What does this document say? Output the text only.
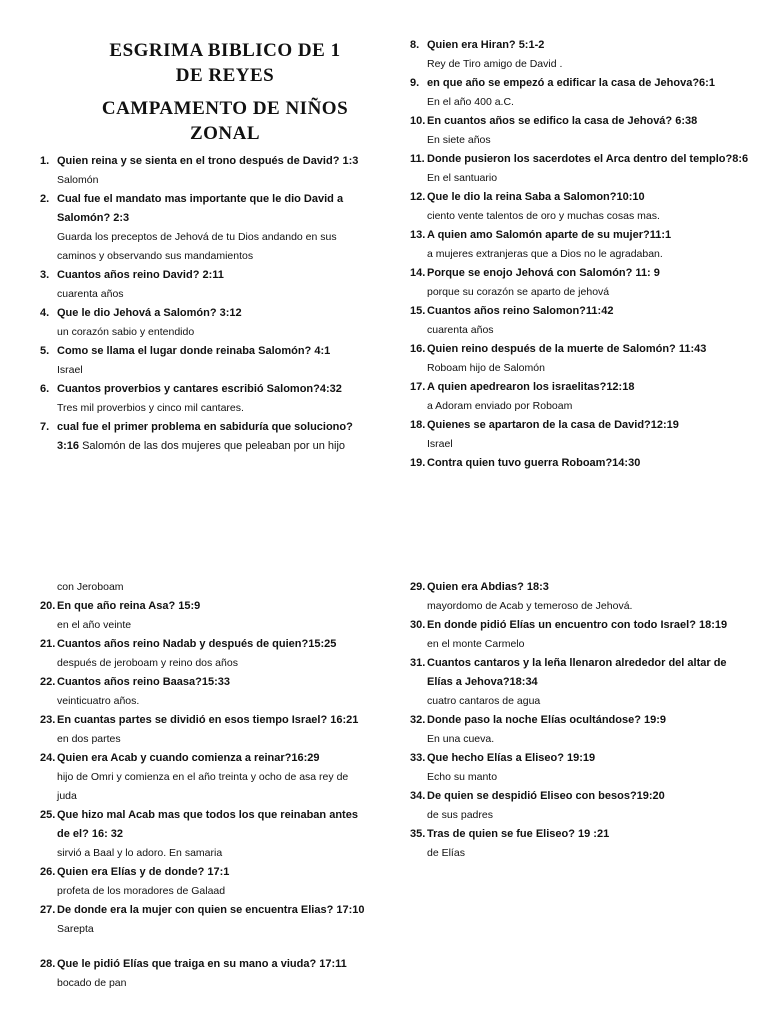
ESGRIMA BIBLICO DE 1
DE REYES
CAMPAMENTO DE NIÑOS
ZONAL
1. Quien reina y se sienta en el trono después de David? 1:3
Salomón
2. Cual fue el mandato mas importante que le dio David a Salomón? 2:3
Guarda los preceptos de Jehová de tu Dios andando en sus caminos y observando sus mandamientos
3. Cuantos años reino David? 2:11
cuarenta años
4. Que le dio Jehová a Salomón? 3:12
un corazón sabio y entendido
5. Como se llama el lugar donde reinaba Salomón? 4:1
Israel
6. Cuantos proverbios y cantares escribió Salomon?4:32
Tres mil proverbios y cinco mil cantares.
7. cual fue el primer problema en sabiduría que soluciono? 3:16 Salomón de las dos mujeres que peleaban por un hijo
8. Quien era Hiran? 5:1-2
Rey de Tiro amigo de David .
9. en que año se empezó a edificar la casa de Jehova?6:1
En el año 400 a.C.
10. En cuantos años se edifico la casa de Jehová? 6:38
En siete años
11. Donde pusieron los sacerdotes el Arca dentro del templo?8:6
En el santuario
12. Que le dio la reina Saba a Salomon?10:10
ciento vente talentos de oro y muchas cosas mas.
13. A quien amo Salomón aparte de su mujer?11:1
a mujeres extranjeras que a Dios no le agradaban.
14. Porque se enojo Jehová con Salomón? 11: 9
porque su corazón se aparto de jehová
15. Cuantos años reino Salomon?11:42
cuarenta años
16. Quien reino después de la muerte de Salomón? 11:43
Roboam hijo de Salomón
17. A quien apedrearon los israelitas?12:18
a Adoram enviado por Roboam
18. Quienes se apartaron de la casa de David?12:19
Israel
19. Contra quien tuvo guerra Roboam?14:30
con Jeroboam
20. En que año reina Asa? 15:9
en el año veinte
21. Cuantos años reino Nadab y después de quien?15:25
después de jeroboam y reino dos años
22. Cuantos años reino Baasa?15:33
veinticuatro años.
23. En cuantas partes se dividió en esos tiempo Israel? 16:21
en dos partes
24. Quien era Acab y cuando comienza a reinar?16:29
hijo de Omri y comienza en el año treinta y ocho de asa rey de juda
25. Que hizo mal Acab mas que todos los que reinaban antes de el? 16: 32
sirvió a Baal y lo adoro. En samaria
26. Quien era Elías y de donde? 17:1
profeta de los moradores de Galaad
27. De donde era la mujer con quien se encuentra Elias? 17:10
Sarepta
28. Que le pidió Elías que traiga en su mano a viuda? 17:11
bocado de pan
29. Quien era Abdias? 18:3
mayordomo de Acab y temeroso de Jehová.
30. En donde pidió Elías un encuentro con todo Israel? 18:19
en el monte Carmelo
31. Cuantos cantaros y la leña llenaron alrededor del altar de Elías a Jehova?18:34
cuatro cantaros de agua
32. Donde paso la noche Elías ocultándose? 19:9
En una cueva.
33. Que hecho Elías a Eliseo? 19:19
Echo su manto
34. De quien se despidió Eliseo con besos?19:20
de sus padres
35. Tras de quien se fue Eliseo? 19 :21
de Elías
